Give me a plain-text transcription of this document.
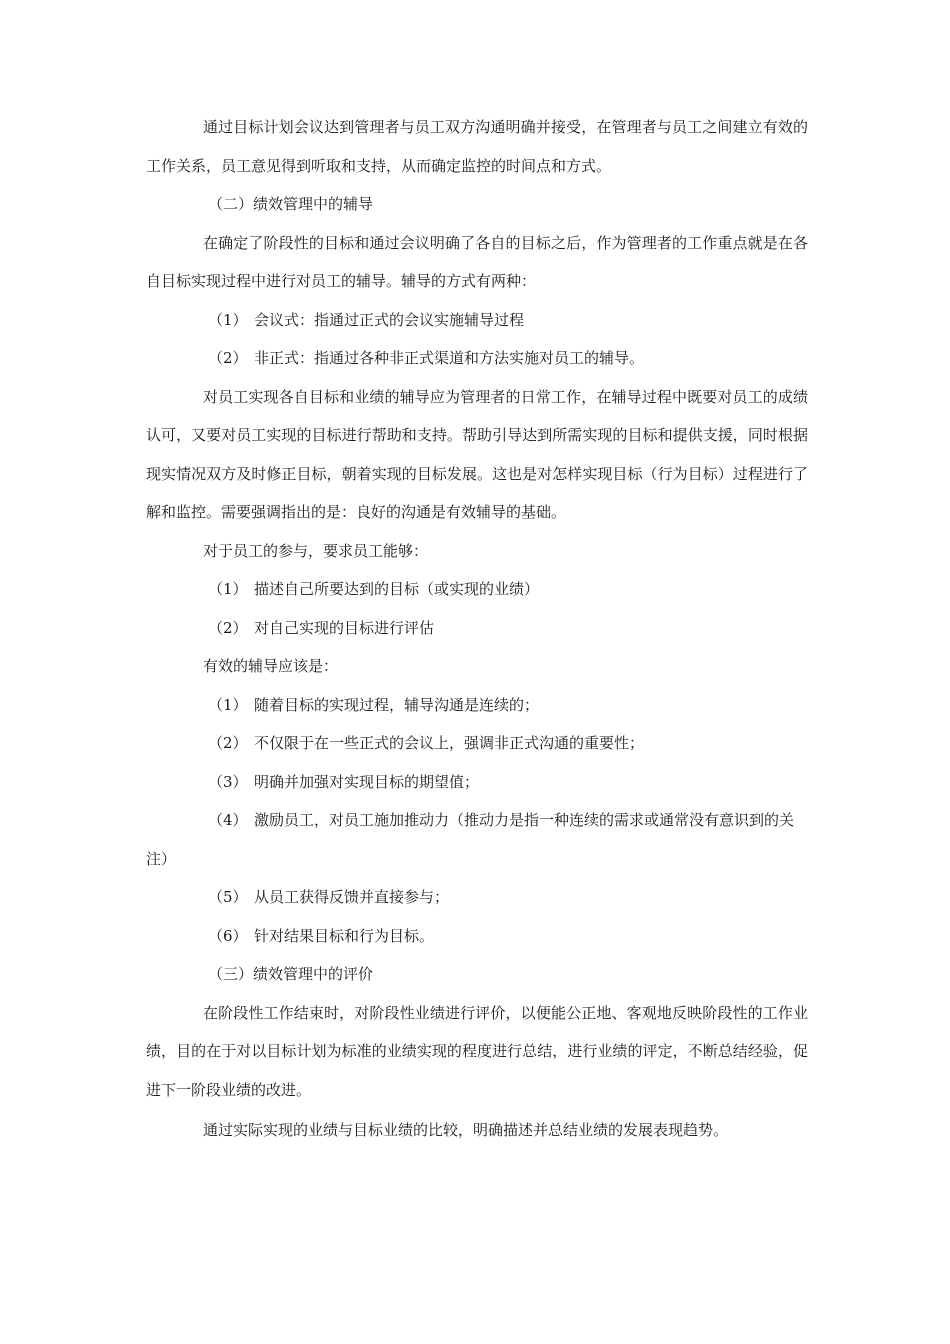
通过目标计划会议达到管理者与员工双方沟通明确并接受，在管理者与员工之间建立有效的工作关系，员工意见得到听取和支持，从而确定监控的时间点和方式。

（二）绩效管理中的辅导

在确定了阶段性的目标和通过会议明确了各自的目标之后，作为管理者的工作重点就是在各自目标实现过程中进行对员工的辅导。辅导的方式有两种：

（1） 会议式：指通过正式的会议实施辅导过程

（2） 非正式：指通过各种非正式渠道和方法实施对员工的辅导。

对员工实现各自目标和业绩的辅导应为管理者的日常工作，在辅导过程中既要对员工的成绩认可，又要对员工实现的目标进行帮助和支持。帮助引导达到所需实现的目标和提供支援，同时根据现实情况双方及时修正目标，朝着实现的目标发展。这也是对怎样实现目标（行为目标）过程进行了解和监控。需要强调指出的是：良好的沟通是有效辅导的基础。

对于员工的参与，要求员工能够：

（1） 描述自己所要达到的目标（或实现的业绩）

（2） 对自己实现的目标进行评估

有效的辅导应该是：

（1） 随着目标的实现过程，辅导沟通是连续的；

（2） 不仅限于在一些正式的会议上，强调非正式沟通的重要性；

（3） 明确并加强对实现目标的期望值；

（4） 激励员工，对员工施加推动力（推动力是指一种连续的需求或通常没有意识到的关注）

（5） 从员工获得反馈并直接参与；

（6） 针对结果目标和行为目标。

（三）绩效管理中的评价

在阶段性工作结束时，对阶段性业绩进行评价，以便能公正地、客观地反映阶段性的工作业绩，目的在于对以目标计划为标准的业绩实现的程度进行总结，进行业绩的评定，不断总结经验，促进下一阶段业绩的改进。

通过实际实现的业绩与目标业绩的比较，明确描述并总结业绩的发展表现趋势。
